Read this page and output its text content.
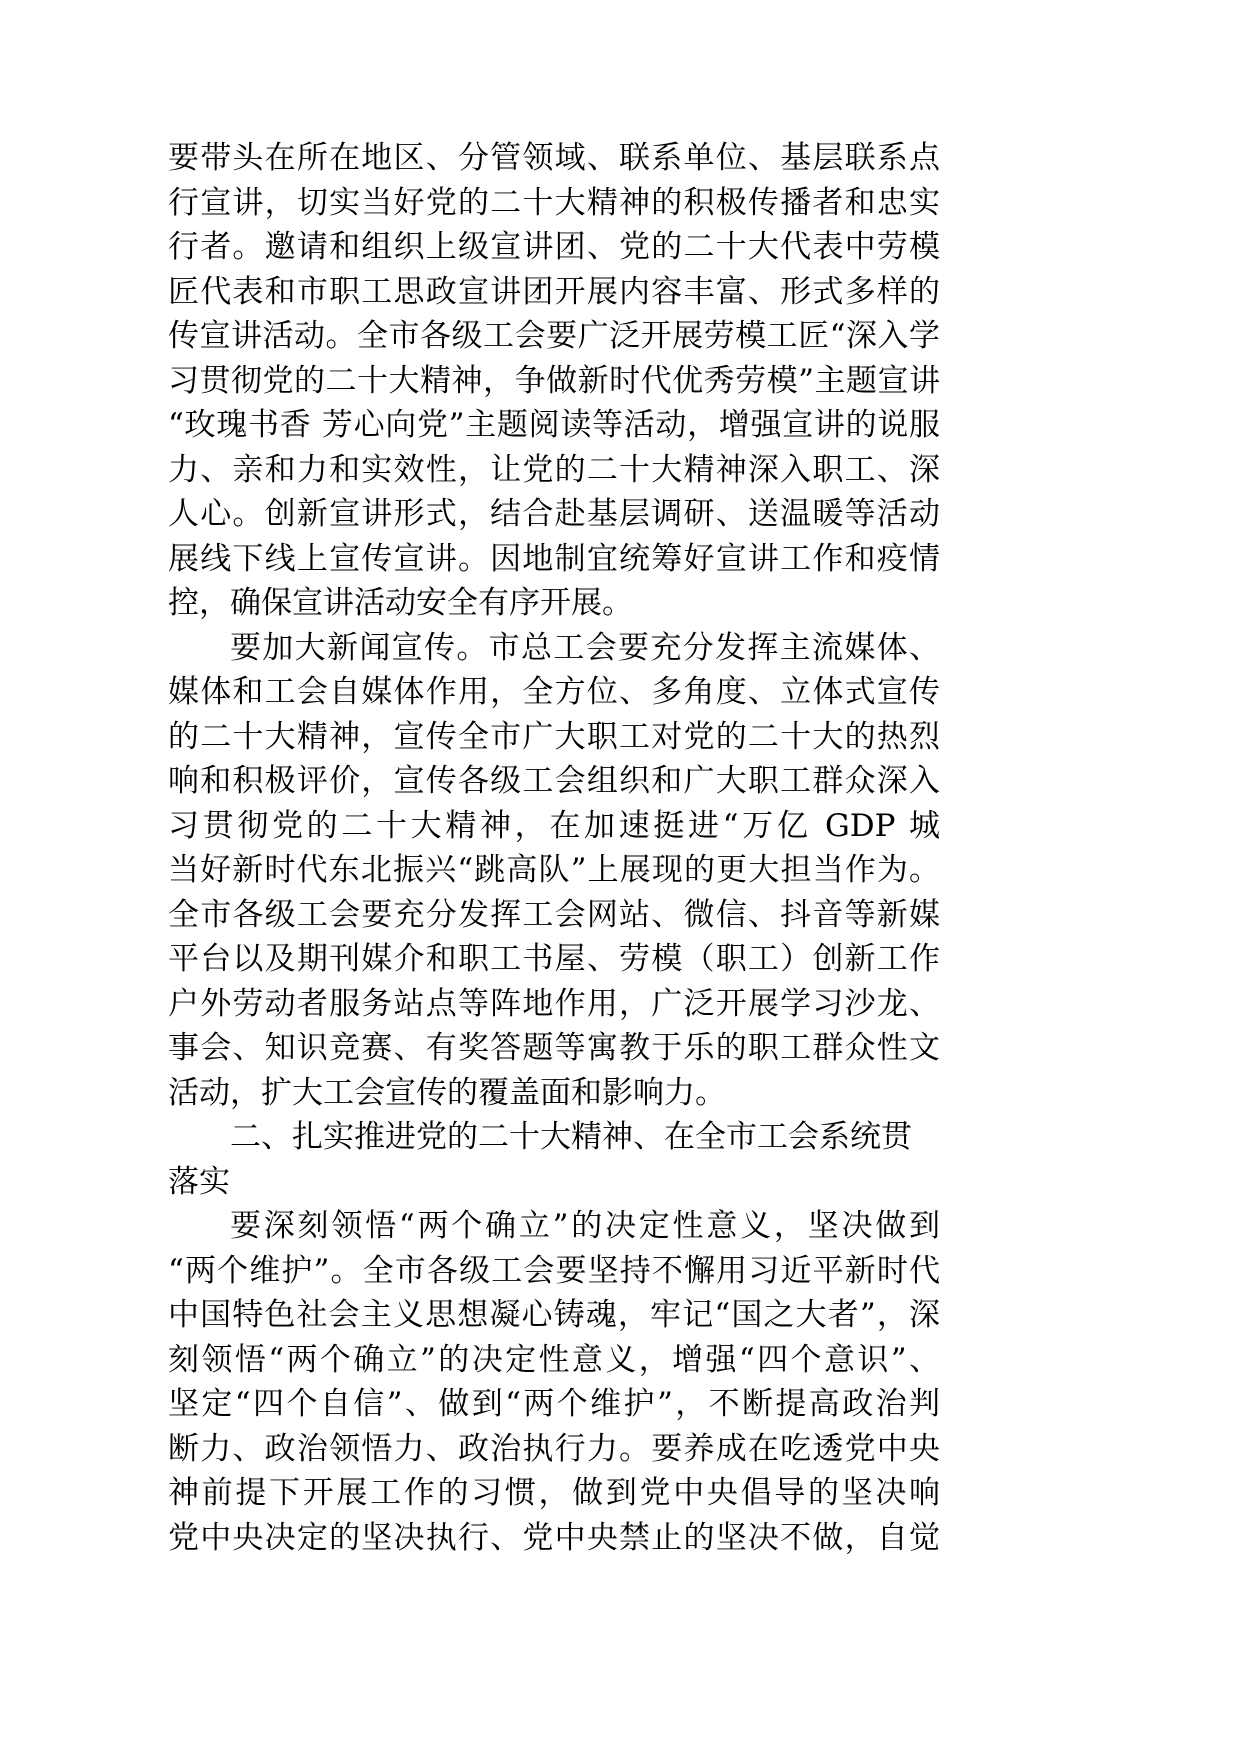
要带头在所在地区、分管领域、联系单位、基层联系点
行宣讲，切实当好党的二十大精神的积极传播者和忠实
行者。邀请和组织上级宣讲团、党的二十大代表中劳模
匠代表和市职工思政宣讲团开展内容丰富、形式多样的
传宣讲活动。全市各级工会要广泛开展劳模工匠“深入学
习贯彻党的二十大精神，争做新时代优秀劳模”主题宣讲
“玫瑰书香 芳心向党”主题阅读等活动，增强宣讲的说服
力、亲和力和实效性，让党的二十大精神深入职工、深
人心。创新宣讲形式，结合赴基层调研、送温暖等活动
展线下线上宣传宣讲。因地制宜统筹好宣讲工作和疫情
控，确保宣讲活动安全有序开展。
要加大新闻宣传。市总工会要充分发挥主流媒体、
媒体和工会自媒体作用，全方位、多角度、立体式宣传
的二十大精神，宣传全市广大职工对党的二十大的热烈
响和积极评价，宣传各级工会组织和广大职工群众深入
习贯彻党的二十大精神，在加速挺进“万亿 GDP 城
当好新时代东北振兴“跳高队”上展现的更大担当作为。
全市各级工会要充分发挥工会网站、微信、抖音等新媒
平台以及期刊媒介和职工书屋、劳模（职工）创新工作
户外劳动者服务站点等阵地作用，广泛开展学习沙龙、
事会、知识竞赛、有奖答题等寓教于乐的职工群众性文
活动，扩大工会宣传的覆盖面和影响力。
二、扎实推进党的二十大精神、在全市工会系统贯
落实
要深刻领悟“两个确立”的决定性意义，坚决做到
“两个维护”。全市各级工会要坚持不懈用习近平新时代
中国特色社会主义思想凝心铸魂，牢记“国之大者”，深
刻领悟“两个确立”的决定性意义，增强“四个意识”、
坚定“四个自信”、做到“两个维护”，不断提高政治判
断力、政治领悟力、政治执行力。要养成在吃透党中央
神前提下开展工作的习惯，做到党中央倡导的坚决响
党中央决定的坚决执行、党中央禁止的坚决不做，自觉
